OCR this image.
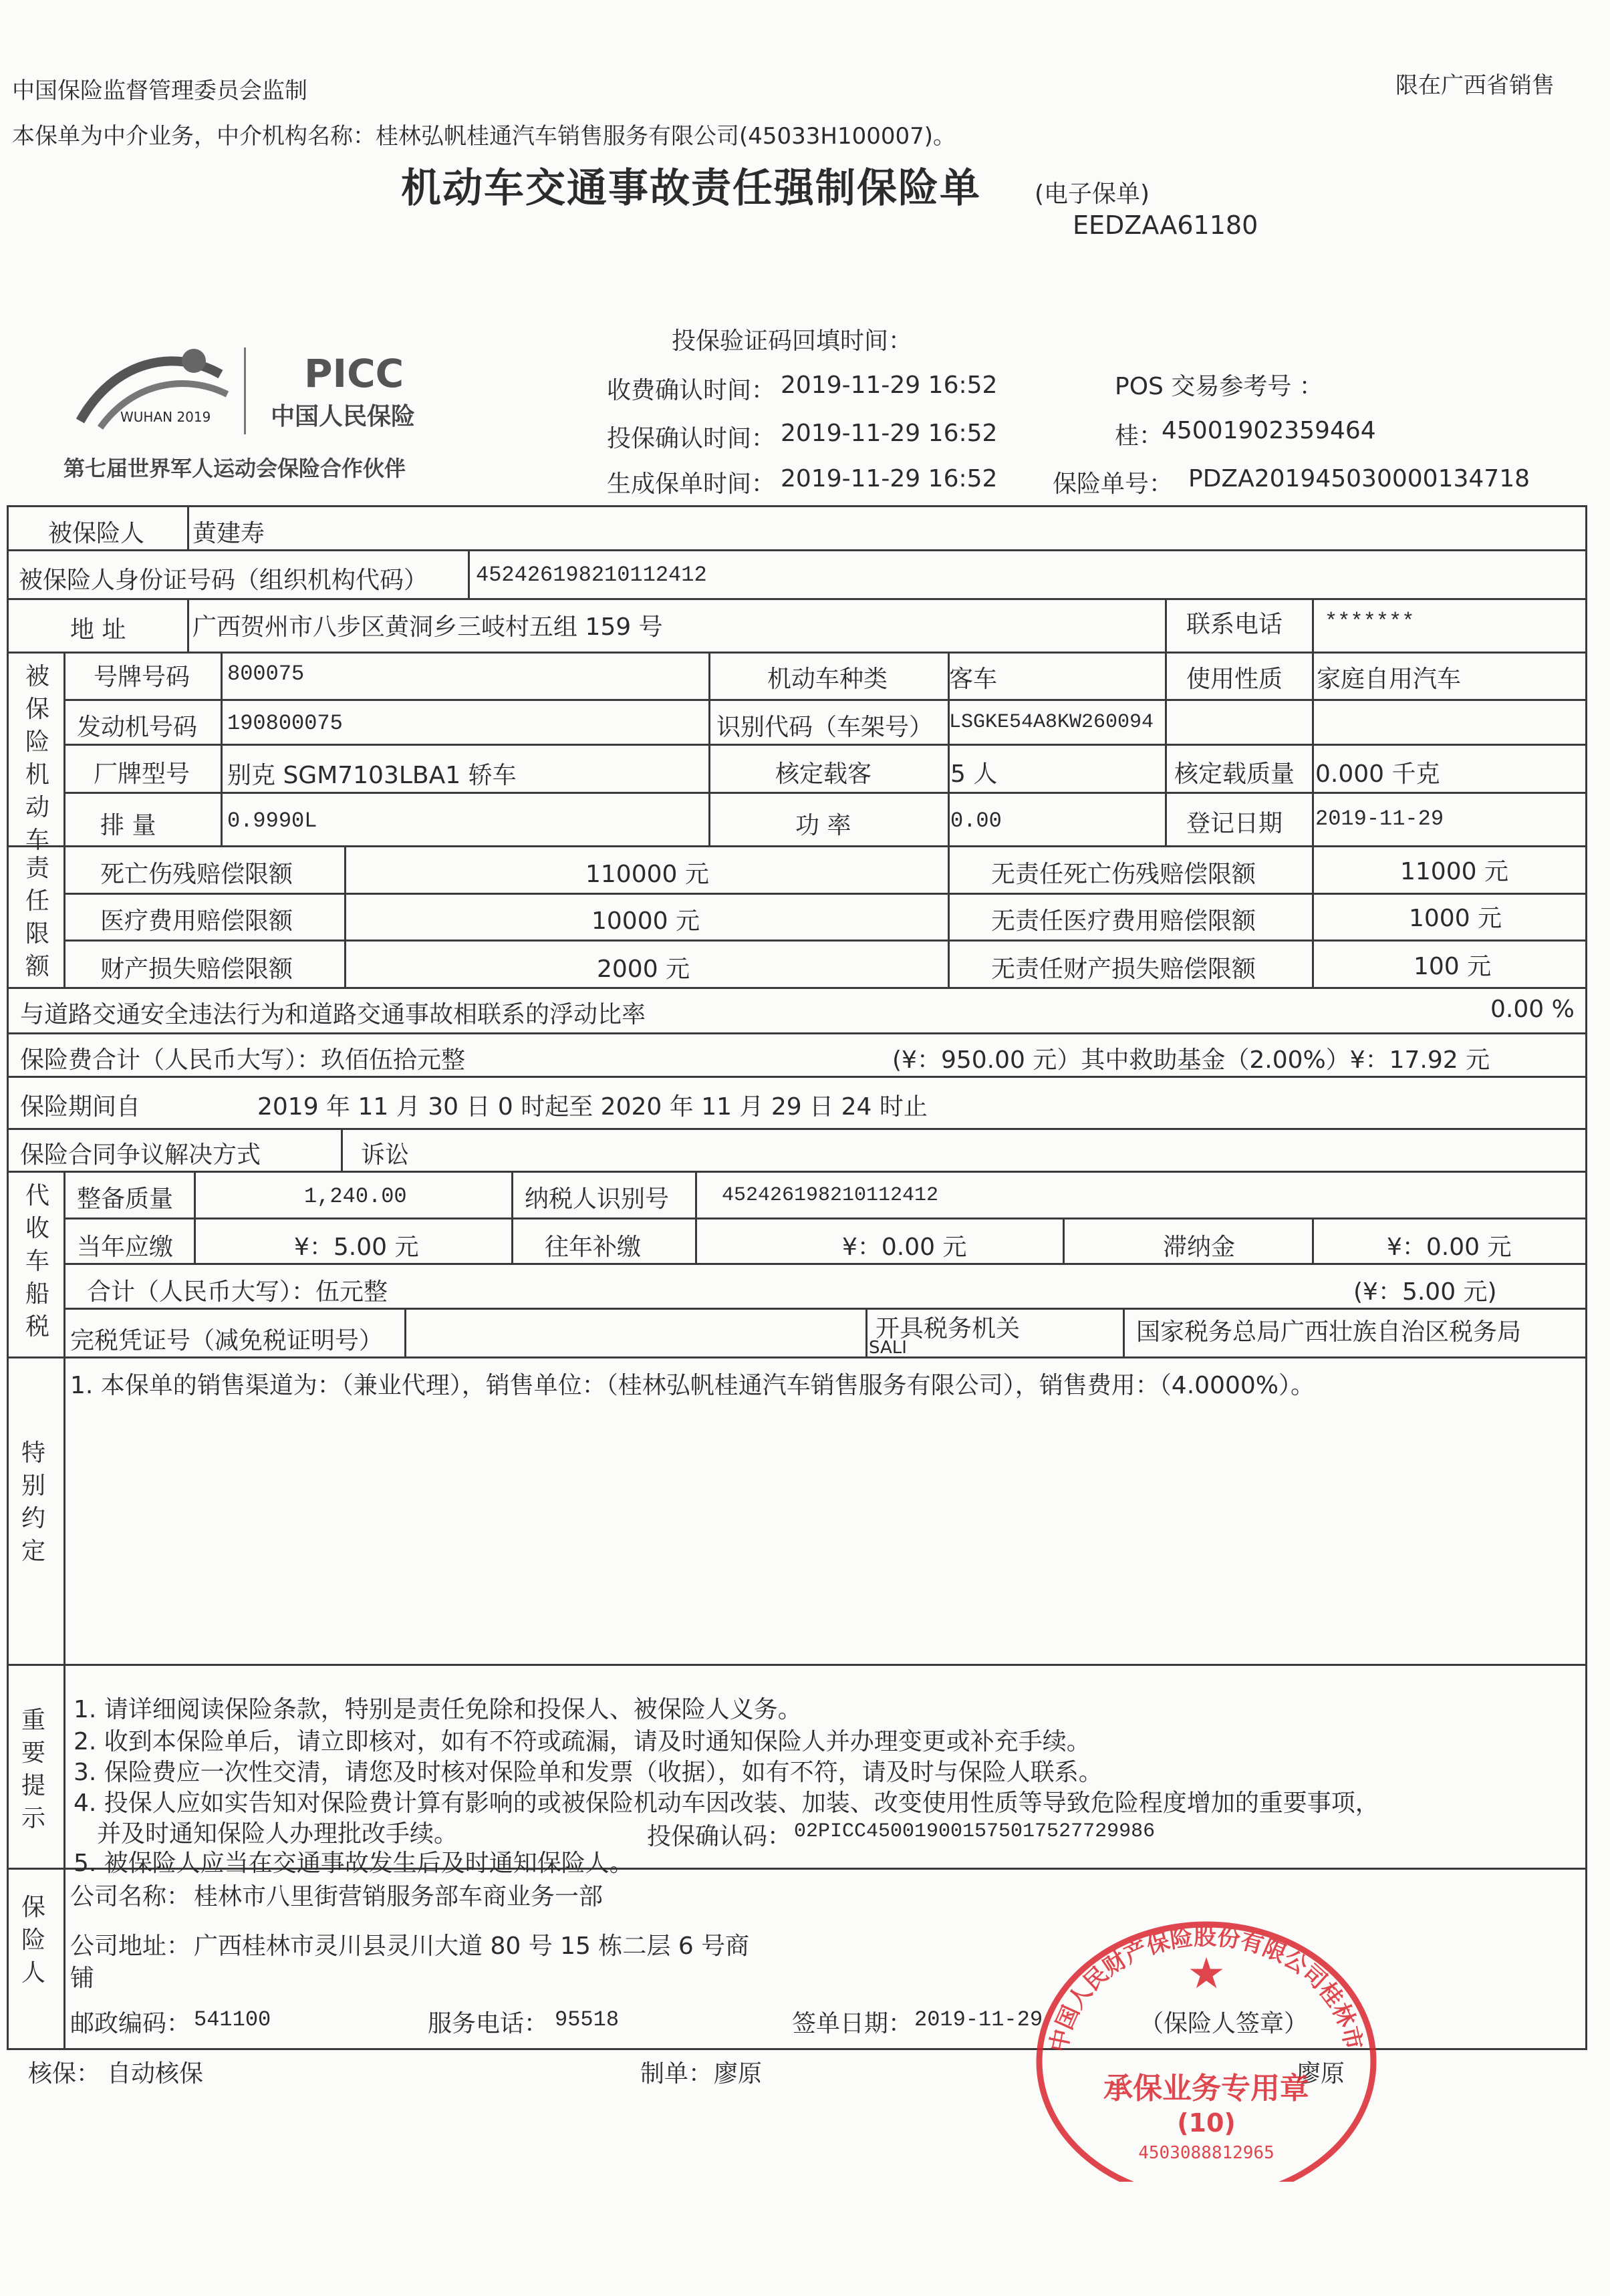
中国保险监督管理委员会监制	限在广西省销售
本保单为中介业务，中介机构名称：桂林弘帆桂通汽车销售服务有限公司(45033H100007)。
机动车交通事故责任强制保险单 (电子保单)
EEDZAA61180
WUHAN 2019
PICC
中国人民保险
第七届世界军人运动会保险合作伙伴
投保验证码回填时间：
收费确认时间： 2019-11-29 16:52	POS 交易参考号 ：
投保确认时间： 2019-11-29 16:52	桂：
45001902359464
生成保单时间： 2019-11-29 16:52 保险单号： PDZA201945030000134718
被保险人 黄建寿
被保险人身份证号码（组织机构代码） 452426198210112412
地 址	广西贺州市八步区黄洞乡三岐村五组 159 号	联系电话 *******
被保险机动车
号牌号码 800075	机动车种类	客车	使用性质 家庭自用汽车
发动机号码 190800075	识别代码（车架号） LSGKE54A8KW260094
厂牌型号 别克 SGM7103LBA1 轿车	核定载客	5 人	核定载质量 0.000 千克
排 量	0.9990L	功 率	0.00	登记日期 2019-11-29
责任限额
死亡伤残赔偿限额	110000 元	无责任死亡伤残赔偿限额	11000 元
医疗费用赔偿限额	10000 元	无责任医疗费用赔偿限额	1000 元
财产损失赔偿限额	2000 元	无责任财产损失赔偿限额	100 元
与道路交通安全违法行为和道路交通事故相联系的浮动比率	0.00 %
保险费合计（人民币大写）：玖佰伍拾元整	(¥：950.00 元）其中救助基金（2.00%）¥：17.92 元
保险期间自	2019 年 11 月 30 日 0 时起至 2020 年 11 月 29 日 24 时止
保险合同争议解决方式	诉讼
代收车船税
整备质量	1,240.00	纳税人识别号	452426198210112412
当年应缴	¥：5.00 元	往年补缴	¥：0.00 元	滞纳金	¥：0.00 元
合计（人民币大写）：伍元整	(¥：5.00 元)
完税凭证号（减免税证明号）	开具税务机关
SALI
国家税务总局广西壮族自治区税务局
特别约定
1. 本保单的销售渠道为：（兼业代理），销售单位：（桂林弘帆桂通汽车销售服务有限公司），销售费用：（4.0000%）。
重要提示
1. 请详细阅读保险条款，特别是责任免除和投保人、被保险人义务。
2. 收到本保险单后，请立即核对，如有不符或疏漏，请及时通知保险人并办理变更或补充手续。
3. 保险费应一次性交清，请您及时核对保险单和发票（收据），如有不符，请及时与保险人联系。
4. 投保人应如实告知对保险费计算有影响的或被保险机动车因改装、加装、改变使用性质等导致危险程度增加的重要事项，
并及时通知保险人办理批改手续。
5. 被保险人应当在交通事故发生后及时通知保险人。
投保确认码： 02PICC450019001575017527729986
保险人
公司名称： 桂林市八里街营销服务部车商业务一部
公司地址： 广西桂林市灵川县灵川大道 80 号 15 栋二层 6 号商
铺
邮政编码： 541100	服务电话： 95518	签单日期： 2019-11-29	（保险人签章）
核保： 自动核保	制单： 廖原	廖原
中国人民财产保险股份有限公司桂林市
★
承保业务专用章
(10)
4503088812965
